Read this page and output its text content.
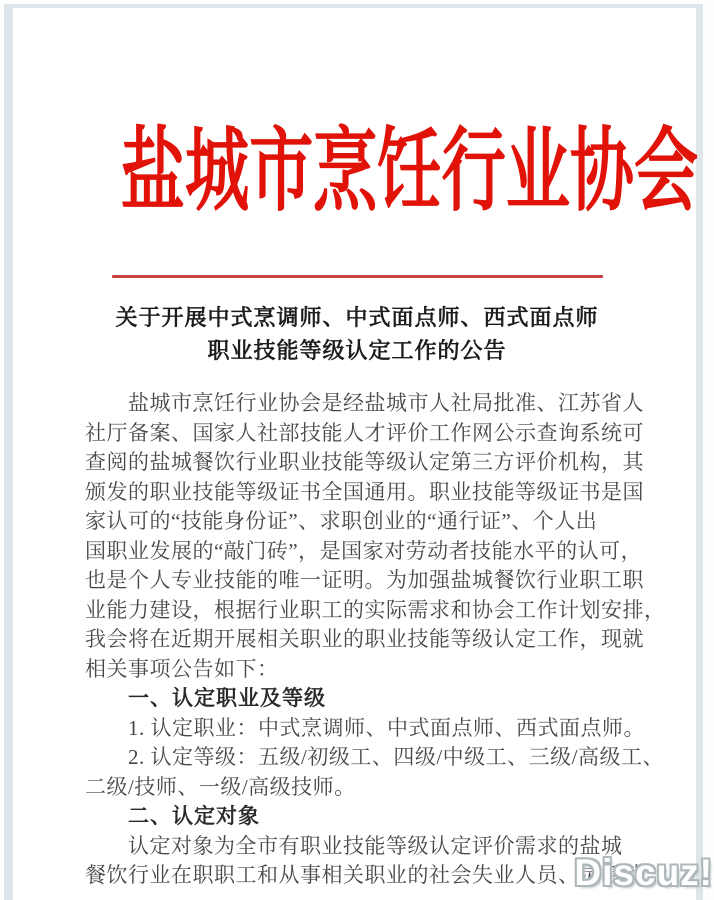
盐城市烹饪行业协会
关于开展中式烹调师、中式面点师、西式面点师
职业技能等级认定工作的公告
盐城市烹饪行业协会是经盐城市人社局批准、江苏省人
社厅备案、国家人社部技能人才评价工作网公示查询系统可
查阅的盐城餐饮行业职业技能等级认定第三方评价机构，其
颁发的职业技能等级证书全国通用。职业技能等级证书是国
家认可的“技能身份证”、求职创业的“通行证”、个人出
国职业发展的“敲门砖”，是国家对劳动者技能水平的认可，
也是个人专业技能的唯一证明。为加强盐城餐饮行业职工职
业能力建设，根据行业职工的实际需求和协会工作计划安排，
我会将在近期开展相关职业的职业技能等级认定工作，现就
相关事项公告如下：
一、认定职业及等级
1. 认定职业：中式烹调师、中式面点师、西式面点师。
2. 认定等级：五级/初级工、四级/中级工、三级/高级工、
二级/技师、一级/高级技师。
二、认定对象
认定对象为全市有职业技能等级认定评价需求的盐城
餐饮行业在职职工和从事相关职业的社会失业人员、灵活就
Discuz!
